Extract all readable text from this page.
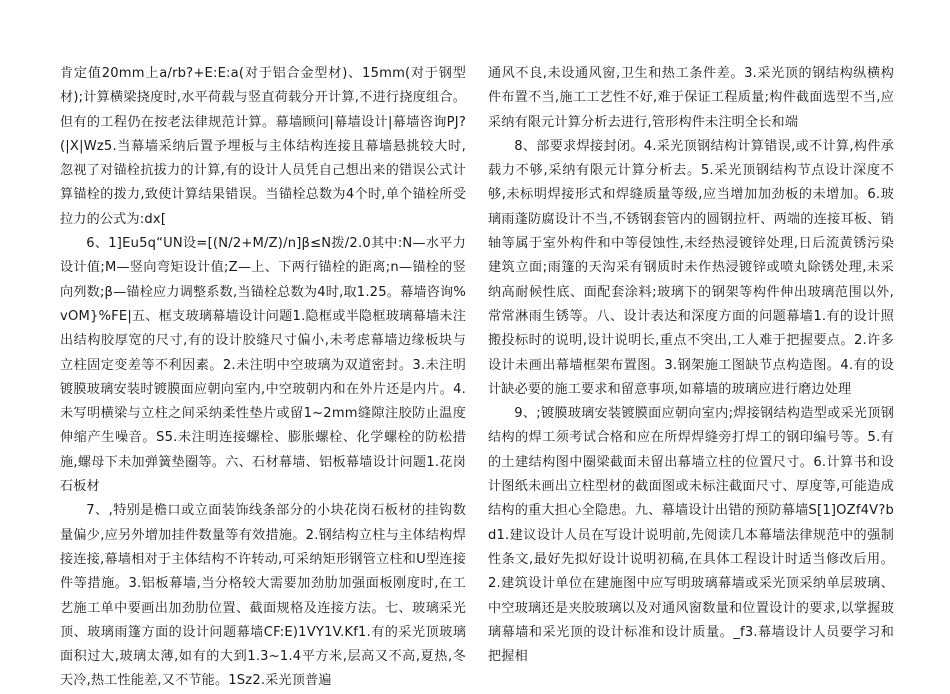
肯定值20mm上a/rb?+E:E:a(对于铝合金型材)、15mm(对于钢型材);计算横梁挠度时,水平荷载与竖直荷载分开计算,不进行挠度组合。但有的工程仍在按老法律规范计算。幕墙顾问|幕墙设计|幕墙咨询PJ?(|X|Wz5.当幕墙采纳后置予埋板与主体结构连接且幕墙悬挑较大时,忽视了对锚栓抗拔力的计算,有的设计人员凭自己想出来的错误公式计算锚栓的拨力,致使计算结果错误。当锚栓总数为4个时,单个锚栓所受拉力的公式为:dx[

6、1]Eu5q“UN设=[(N/2+M/Z)/n]β≤N拨/2.0其中:N—水平力设计值;M—竖向弯矩设计值;Z—上、下两行锚栓的距离;n—锚栓的竖向列数;β—锚栓应力调整系数,当锚栓总数为4时,取1.25。幕墙咨询%vOM}%FE|五、框支玻璃幕墙设计问题1.隐框或半隐框玻璃幕墙未注出结构胶厚宽的尺寸,有的设计胶缝尺寸偏小,未考虑幕墙边缘板块与立柱固定变差等不利因素。2.未注明中空玻璃为双道密封。3.未注明镀膜玻璃安装时镀膜面应朝向室内,中空玻朝内和在外片还是内片。4.未写明横梁与立柱之间采纳柔性垫片或留1~2mm缝隙注胶防止温度伸缩产生噪音。S5.未注明连接螺栓、膨胀螺栓、化学螺栓的防松措施,螺母下未加弹簧垫圈等。六、石材幕墙、铝板幕墙设计问题1.花岗石板材

7、,特别是檐口或立面装饰线条部分的小块花岗石板材的挂钩数量偏少,应另外增加挂件数量等有效措施。2.钢结构立柱与主体结构焊接连接,幕墙相对于主体结构不许转动,可采纳矩形钢管立柱和U型连接件等措施。3.铝板幕墙,当分格较大需要加劲肋加强面板刚度时,在工艺施工单中要画出加劲肋位置、截面规格及连接方法。七、玻璃采光顶、玻璃雨篷方面的设计问题幕墙CF:E)1VY1V.Kf1.有的采光顶玻璃面积过大,玻璃太薄,如有的大到1.3~1.4平方米,层高又不高,夏热,冬天冷,热工性能差,又不节能。1Sz2.采光顶普遍

通风不良,未设通风窗,卫生和热工条件差。3.采光顶的钢结构纵横构件布置不当,施工工艺性不好,难于保证工程质量;构件截面选型不当,应采纳有限元计算分析去进行,管形构件未注明全长和端

8、部要求焊接封闭。4.采光顶钢结构计算错误,或不计算,构件承载力不够,采纳有限元计算分析去。5.采光顶钢结构节点设计深度不够,未标明焊接形式和焊缝质量等级,应当增加加劲板的未增加。6.玻璃雨蓬防腐设计不当,不锈钢套管内的圆钢拉杆、两端的连接耳板、销轴等属于室外构件和中等侵蚀性,未经热浸镀锌处理,日后流黄锈污染建筑立面;雨篷的天沟采有钢质时未作热浸镀锌或喷丸除锈处理,未采纳高耐候性底、面配套涂料;玻璃下的钢架等构件伸出玻璃范围以外,常常淋雨生锈等。八、设计表达和深度方面的问题幕墙1.有的设计照搬投标时的说明,设计说明长,重点不突出,工人难于把握要点。2.许多设计未画出幕墙框架布置图。3.钢架施工图缺节点构造图。4.有的设计缺必要的施工要求和留意事项,如幕墙的玻璃应进行磨边处理

9、;镀膜玻璃安装镀膜面应朝向室内;焊接钢结构造型或采光顶钢结构的焊工须考试合格和应在所焊焊缝旁打焊工的钢印编号等。5.有的土建结构图中圈梁截面未留出幕墙立柱的位置尺寸。6.计算书和设计图纸未画出立柱型材的截面图或未标注截面尺寸、厚度等,可能造成结构的重大担心全隐患。九、幕墙设计出错的预防幕墙S[1]OZf4V?bd1.建议设计人员在写设计说明前,先阅读几本幕墙法律规范中的强制性条文,最好先拟好设计说明初稿,在具体工程设计时适当修改后用。2.建筑设计单位在建施图中应写明玻璃幕墙或采光顶采纳单层玻璃、中空玻璃还是夹胶玻璃以及对通风窗数量和位置设计的要求,以掌握玻璃幕墙和采光顶的设计标准和设计质量。_f3.幕墙设计人员要学习和把握相
